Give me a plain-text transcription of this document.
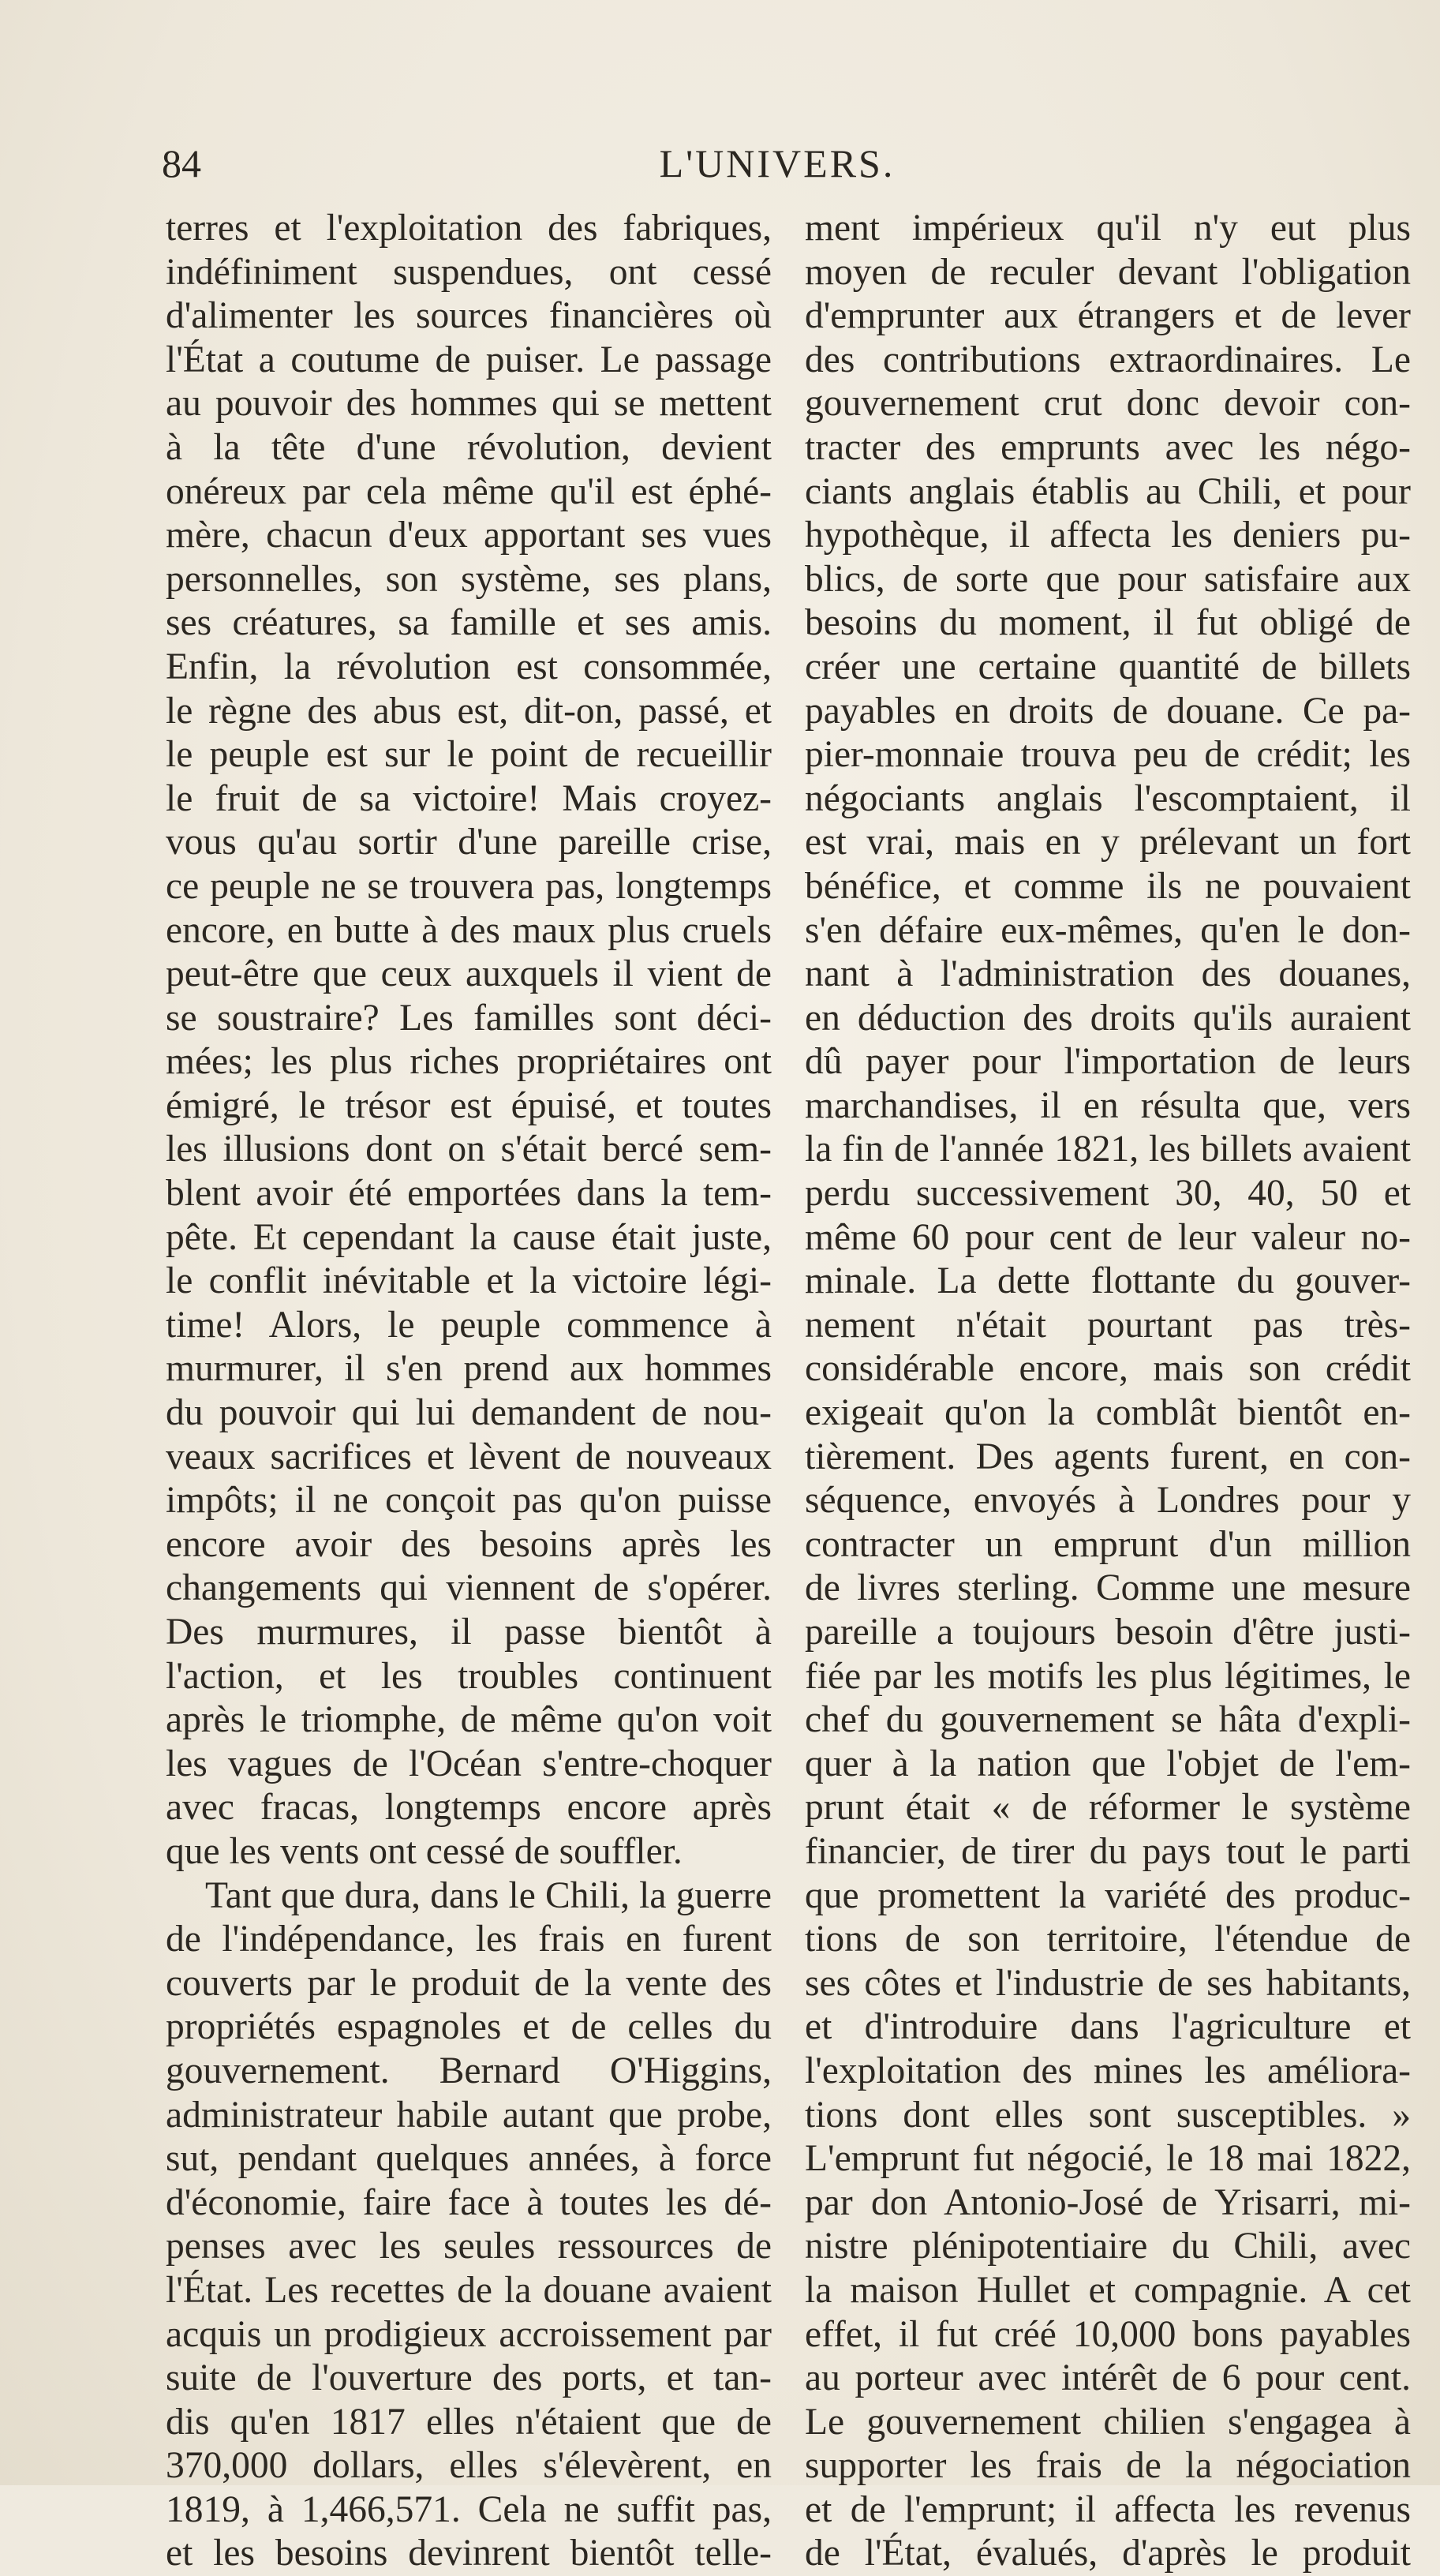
84	L'UNIVERS.
terres et l'exploitation des fabriques,
indéfiniment suspendues, ont cessé
d'alimenter les sources financières où
l'État a coutume de puiser. Le passage
au pouvoir des hommes qui se mettent
à la tête d'une révolution, devient
onéreux par cela même qu'il est éphé-
mère, chacun d'eux apportant ses vues
personnelles, son système, ses plans,
ses créatures, sa famille et ses amis.
Enfin, la révolution est consommée,
le règne des abus est, dit-on, passé, et
le peuple est sur le point de recueillir
le fruit de sa victoire! Mais croyez-
vous qu'au sortir d'une pareille crise,
ce peuple ne se trouvera pas, longtemps
encore, en butte à des maux plus cruels
peut-être que ceux auxquels il vient de
se soustraire? Les familles sont déci-
mées; les plus riches propriétaires ont
émigré, le trésor est épuisé, et toutes
les illusions dont on s'était bercé sem-
blent avoir été emportées dans la tem-
pête. Et cependant la cause était juste,
le conflit inévitable et la victoire légi-
time! Alors, le peuple commence à
murmurer, il s'en prend aux hommes
du pouvoir qui lui demandent de nou-
veaux sacrifices et lèvent de nouveaux
impôts; il ne conçoit pas qu'on puisse
encore avoir des besoins après les
changements qui viennent de s'opérer.
Des murmures, il passe bientôt à
l'action, et les troubles continuent
après le triomphe, de même qu'on voit
les vagues de l'Océan s'entre-choquer
avec fracas, longtemps encore après
que les vents ont cessé de souffler.
Tant que dura, dans le Chili, la guerre
de l'indépendance, les frais en furent
couverts par le produit de la vente des
propriétés espagnoles et de celles du
gouvernement. Bernard O'Higgins,
administrateur habile autant que probe,
sut, pendant quelques années, à force
d'économie, faire face à toutes les dé-
penses avec les seules ressources de
l'État. Les recettes de la douane avaient
acquis un prodigieux accroissement par
suite de l'ouverture des ports, et tan-
dis qu'en 1817 elles n'étaient que de
370,000 dollars, elles s'élevèrent, en
1819, à 1,466,571. Cela ne suffit pas,
et les besoins devinrent bientôt telle-
ment impérieux qu'il n'y eut plus
moyen de reculer devant l'obligation
d'emprunter aux étrangers et de lever
des contributions extraordinaires. Le
gouvernement crut donc devoir con-
tracter des emprunts avec les négo-
ciants anglais établis au Chili, et pour
hypothèque, il affecta les deniers pu-
blics, de sorte que pour satisfaire aux
besoins du moment, il fut obligé de
créer une certaine quantité de billets
payables en droits de douane. Ce pa-
pier-monnaie trouva peu de crédit; les
négociants anglais l'escomptaient, il
est vrai, mais en y prélevant un fort
bénéfice, et comme ils ne pouvaient
s'en défaire eux-mêmes, qu'en le don-
nant à l'administration des douanes,
en déduction des droits qu'ils auraient
dû payer pour l'importation de leurs
marchandises, il en résulta que, vers
la fin de l'année 1821, les billets avaient
perdu successivement 30, 40, 50 et
même 60 pour cent de leur valeur no-
minale. La dette flottante du gouver-
nement n'était pourtant pas très-
considérable encore, mais son crédit
exigeait qu'on la comblât bientôt en-
tièrement. Des agents furent, en con-
séquence, envoyés à Londres pour y
contracter un emprunt d'un million
de livres sterling. Comme une mesure
pareille a toujours besoin d'être justi-
fiée par les motifs les plus légitimes, le
chef du gouvernement se hâta d'expli-
quer à la nation que l'objet de l'em-
prunt était « de réformer le système
financier, de tirer du pays tout le parti
que promettent la variété des produc-
tions de son territoire, l'étendue de
ses côtes et l'industrie de ses habitants,
et d'introduire dans l'agriculture et
l'exploitation des mines les améliora-
tions dont elles sont susceptibles. »
L'emprunt fut négocié, le 18 mai 1822,
par don Antonio-José de Yrisarri, mi-
nistre plénipotentiaire du Chili, avec
la maison Hullet et compagnie. A cet
effet, il fut créé 10,000 bons payables
au porteur avec intérêt de 6 pour cent.
Le gouvernement chilien s'engagea à
supporter les frais de la négociation
et de l'emprunt; il affecta les revenus
de l'État, évalués, d'après le produit
